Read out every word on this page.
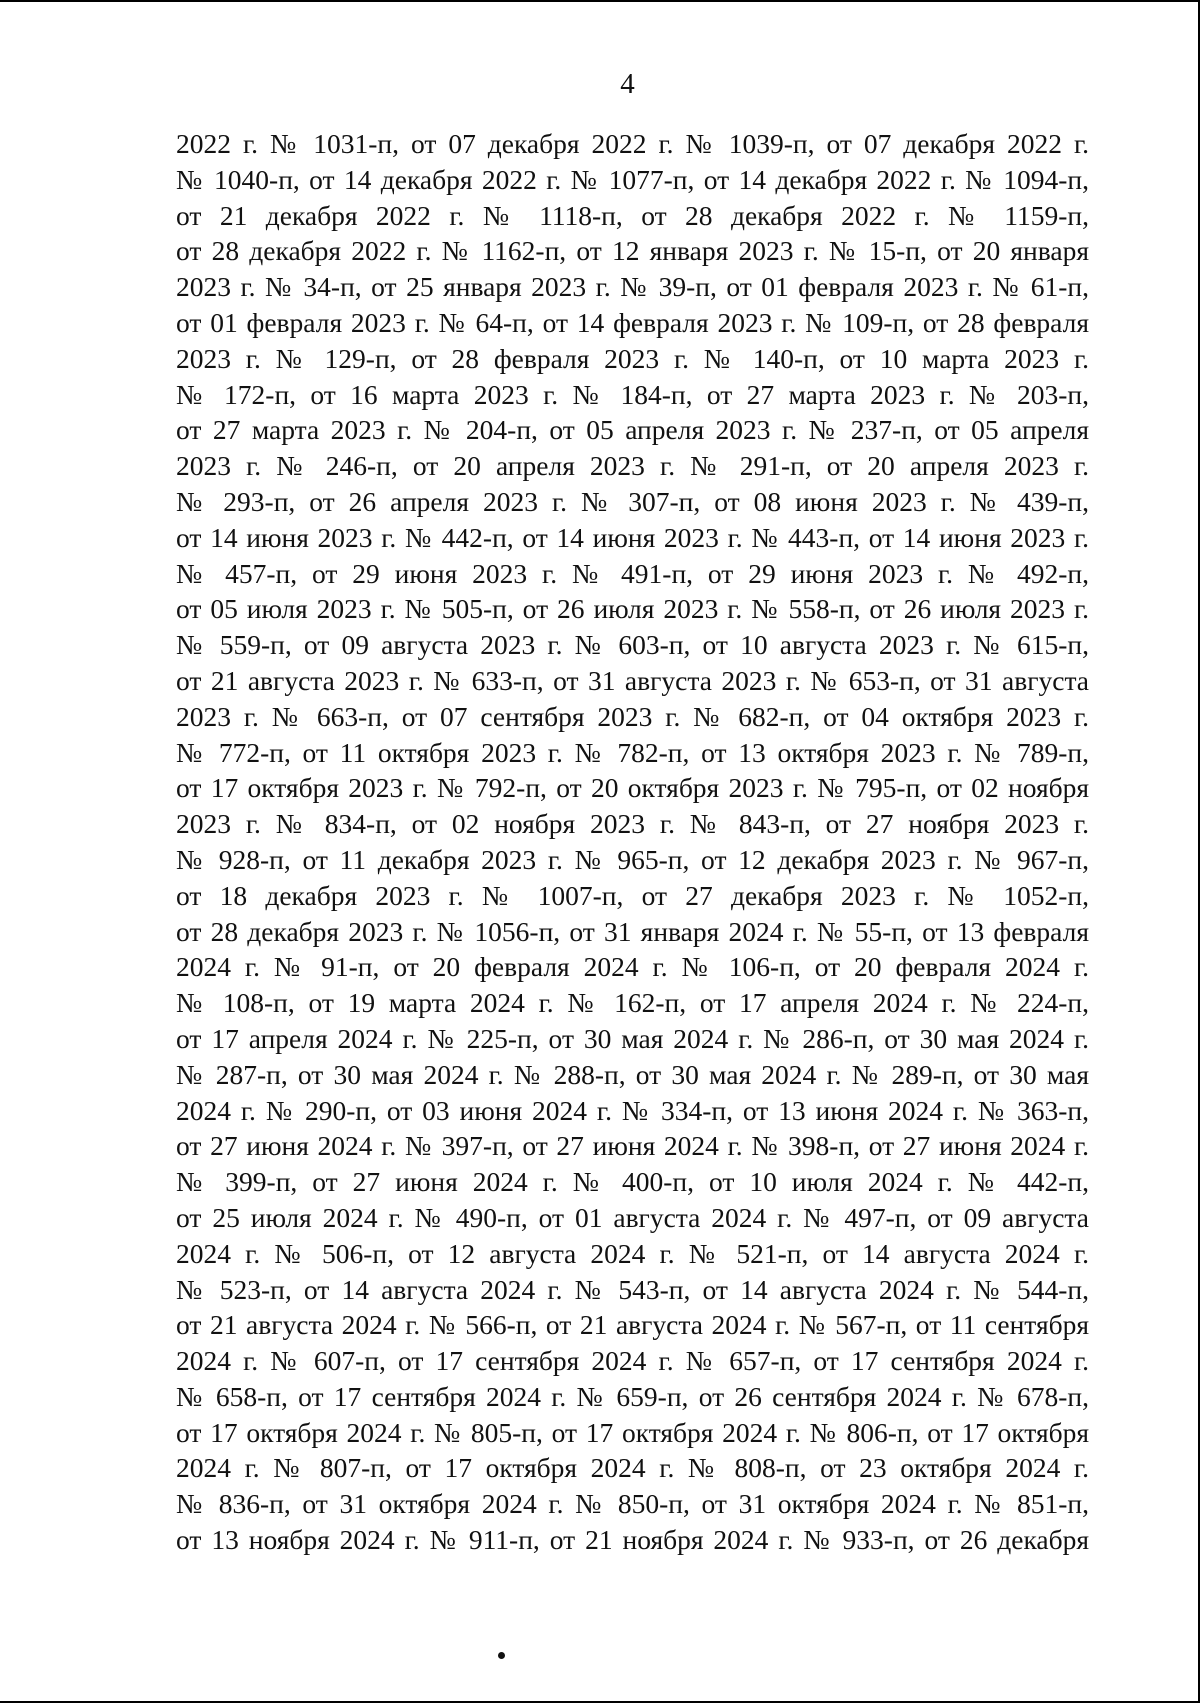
4
2022 г. № 1031-п, от 07 декабря 2022 г. № 1039-п, от 07 декабря 2022 г.
№ 1040-п, от 14 декабря 2022 г. № 1077-п, от 14 декабря 2022 г. № 1094-п,
от 21 декабря 2022 г. № 1118-п, от 28 декабря 2022 г. № 1159-п,
от 28 декабря 2022 г. № 1162-п, от 12 января 2023 г. № 15-п, от 20 января
2023 г. № 34-п, от 25 января 2023 г. № 39-п, от 01 февраля 2023 г. № 61-п,
от 01 февраля 2023 г. № 64-п, от 14 февраля 2023 г. № 109-п, от 28 февраля
2023 г. № 129-п, от 28 февраля 2023 г. № 140-п, от 10 марта 2023 г.
№ 172-п, от 16 марта 2023 г. № 184-п, от 27 марта 2023 г. № 203-п,
от 27 марта 2023 г. № 204-п, от 05 апреля 2023 г. № 237-п, от 05 апреля
2023 г. № 246-п, от 20 апреля 2023 г. № 291-п, от 20 апреля 2023 г.
№ 293-п, от 26 апреля 2023 г. № 307-п, от 08 июня 2023 г. № 439-п,
от 14 июня 2023 г. № 442-п, от 14 июня 2023 г. № 443-п, от 14 июня 2023 г.
№ 457-п, от 29 июня 2023 г. № 491-п, от 29 июня 2023 г. № 492-п,
от 05 июля 2023 г. № 505-п, от 26 июля 2023 г. № 558-п, от 26 июля 2023 г.
№ 559-п, от 09 августа 2023 г. № 603-п, от 10 августа 2023 г. № 615-п,
от 21 августа 2023 г. № 633-п, от 31 августа 2023 г. № 653-п, от 31 августа
2023 г. № 663-п, от 07 сентября 2023 г. № 682-п, от 04 октября 2023 г.
№ 772-п, от 11 октября 2023 г. № 782-п, от 13 октября 2023 г. № 789-п,
от 17 октября 2023 г. № 792-п, от 20 октября 2023 г. № 795-п, от 02 ноября
2023 г. № 834-п, от 02 ноября 2023 г. № 843-п, от 27 ноября 2023 г.
№ 928-п, от 11 декабря 2023 г. № 965-п, от 12 декабря 2023 г. № 967-п,
от 18 декабря 2023 г. № 1007-п, от 27 декабря 2023 г. № 1052-п,
от 28 декабря 2023 г. № 1056-п, от 31 января 2024 г. № 55-п, от 13 февраля
2024 г. № 91-п, от 20 февраля 2024 г. № 106-п, от 20 февраля 2024 г.
№ 108-п, от 19 марта 2024 г. № 162-п, от 17 апреля 2024 г. № 224-п,
от 17 апреля 2024 г. № 225-п, от 30 мая 2024 г. № 286-п, от 30 мая 2024 г.
№ 287-п, от 30 мая 2024 г. № 288-п, от 30 мая 2024 г. № 289-п, от 30 мая
2024 г. № 290-п, от 03 июня 2024 г. № 334-п, от 13 июня 2024 г. № 363-п,
от 27 июня 2024 г. № 397-п, от 27 июня 2024 г. № 398-п, от 27 июня 2024 г.
№ 399-п, от 27 июня 2024 г. № 400-п, от 10 июля 2024 г. № 442-п,
от 25 июля 2024 г. № 490-п, от 01 августа 2024 г. № 497-п, от 09 августа
2024 г. № 506-п, от 12 августа 2024 г. № 521-п, от 14 августа 2024 г.
№ 523-п, от 14 августа 2024 г. № 543-п, от 14 августа 2024 г. № 544-п,
от 21 августа 2024 г. № 566-п, от 21 августа 2024 г. № 567-п, от 11 сентября
2024 г. № 607-п, от 17 сентября 2024 г. № 657-п, от 17 сентября 2024 г.
№ 658-п, от 17 сентября 2024 г. № 659-п, от 26 сентября 2024 г. № 678-п,
от 17 октября 2024 г. № 805-п, от 17 октября 2024 г. № 806-п, от 17 октября
2024 г. № 807-п, от 17 октября 2024 г. № 808-п, от 23 октября 2024 г.
№ 836-п, от 31 октября 2024 г. № 850-п, от 31 октября 2024 г. № 851-п,
от 13 ноября 2024 г. № 911-п, от 21 ноября 2024 г. № 933-п, от 26 декабря
